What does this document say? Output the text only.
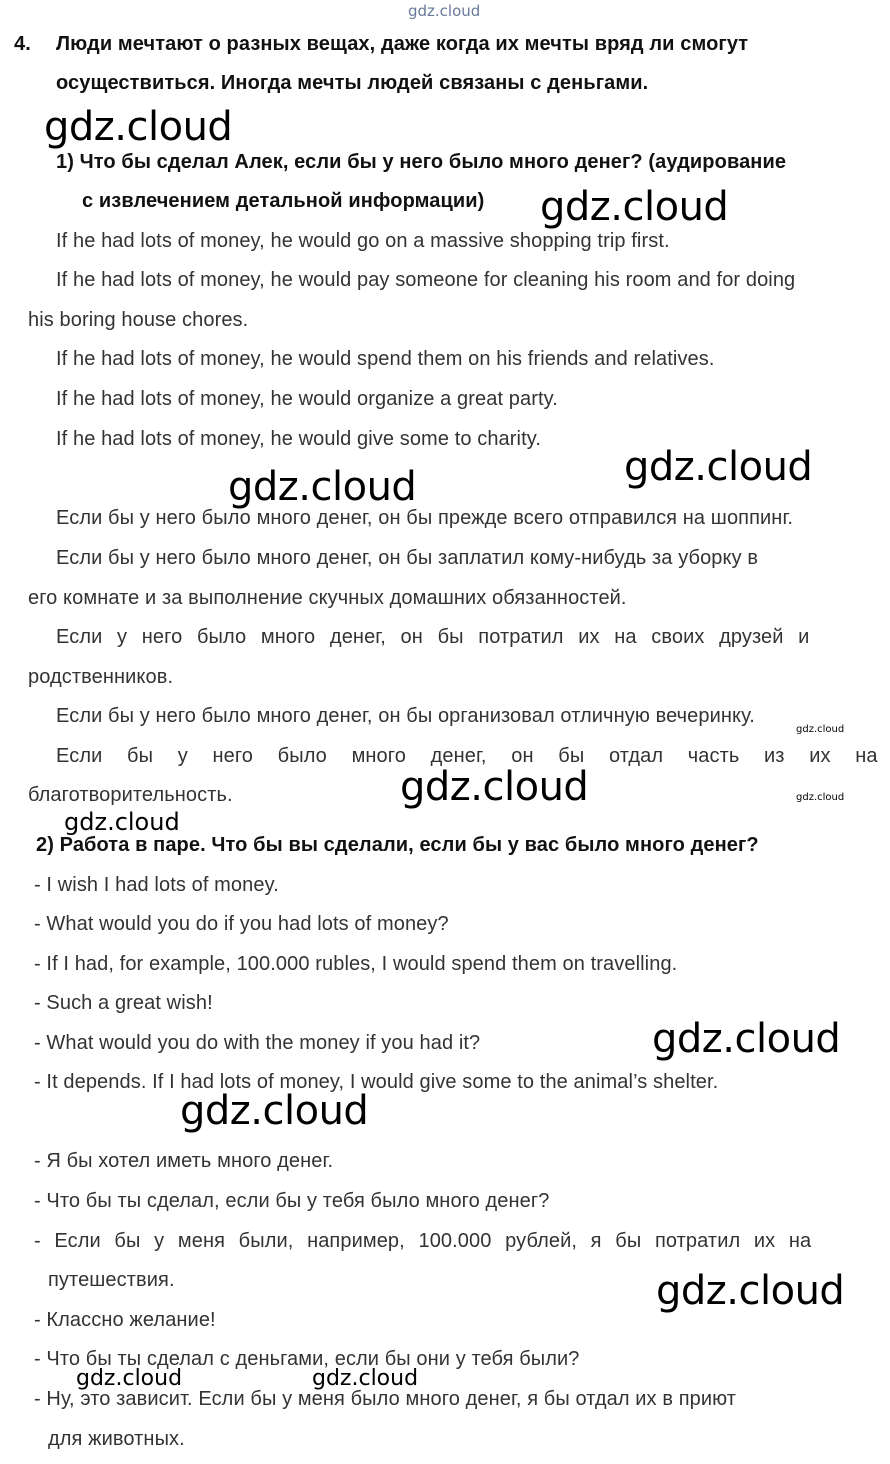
gdz.cloud
4. Люди мечтают о разных вещах, даже когда их мечты вряд ли смогут
осуществиться. Иногда мечты людей связаны с деньгами.
1) Что бы сделал Алек, если бы у него было много денег? (аудирование
с извлечением детальной информации)
If he had lots of money, he would go on a massive shopping trip first.
If he had lots of money, he would pay someone for cleaning his room and for doing
his boring house chores.
If he had lots of money, he would spend them on his friends and relatives.
If he had lots of money, he would organize a great party.
If he had lots of money, he would give some to charity.
Если бы у него было много денег, он бы прежде всего отправился на шоппинг.
Если бы у него было много денег, он бы заплатил кому-нибудь за уборку в
его комнате и за выполнение скучных домашних обязанностей.
Если у него было много денег, он бы потратил их на своих друзей и
родственников.
Если бы у него было много денег, он бы организовал отличную вечеринку.
Если бы у него было много денег, он бы отдал часть из их на
благотворительность.
2) Работа в паре. Что бы вы сделали, если бы у вас было много денег?
- I wish I had lots of money.
- What would you do if you had lots of money?
- If I had, for example, 100.000 rubles, I would spend them on travelling.
- Such a great wish!
- What would you do with the money if you had it?
- It depends. If I had lots of money, I would give some to the animal’s shelter.
- Я бы хотел иметь много денег.
- Что бы ты сделал, если бы у тебя было много денег?
- Если бы у меня были, например, 100.000 рублей, я бы потратил их на
путешествия.
- Классно желание!
- Что бы ты сделал с деньгами, если бы они у тебя были?
- Ну, это зависит. Если бы у меня было много денег, я бы отдал их в приют
для животных.
gdz.cloud
gdz.cloud
gdz.cloud
gdz.cloud
gdz.cloud
gdz.cloud	gdz.cloud
gdz.cloud
gdz.cloud
gdz.cloud
gdz.cloud
gdz.cloud	gdz.cloud
